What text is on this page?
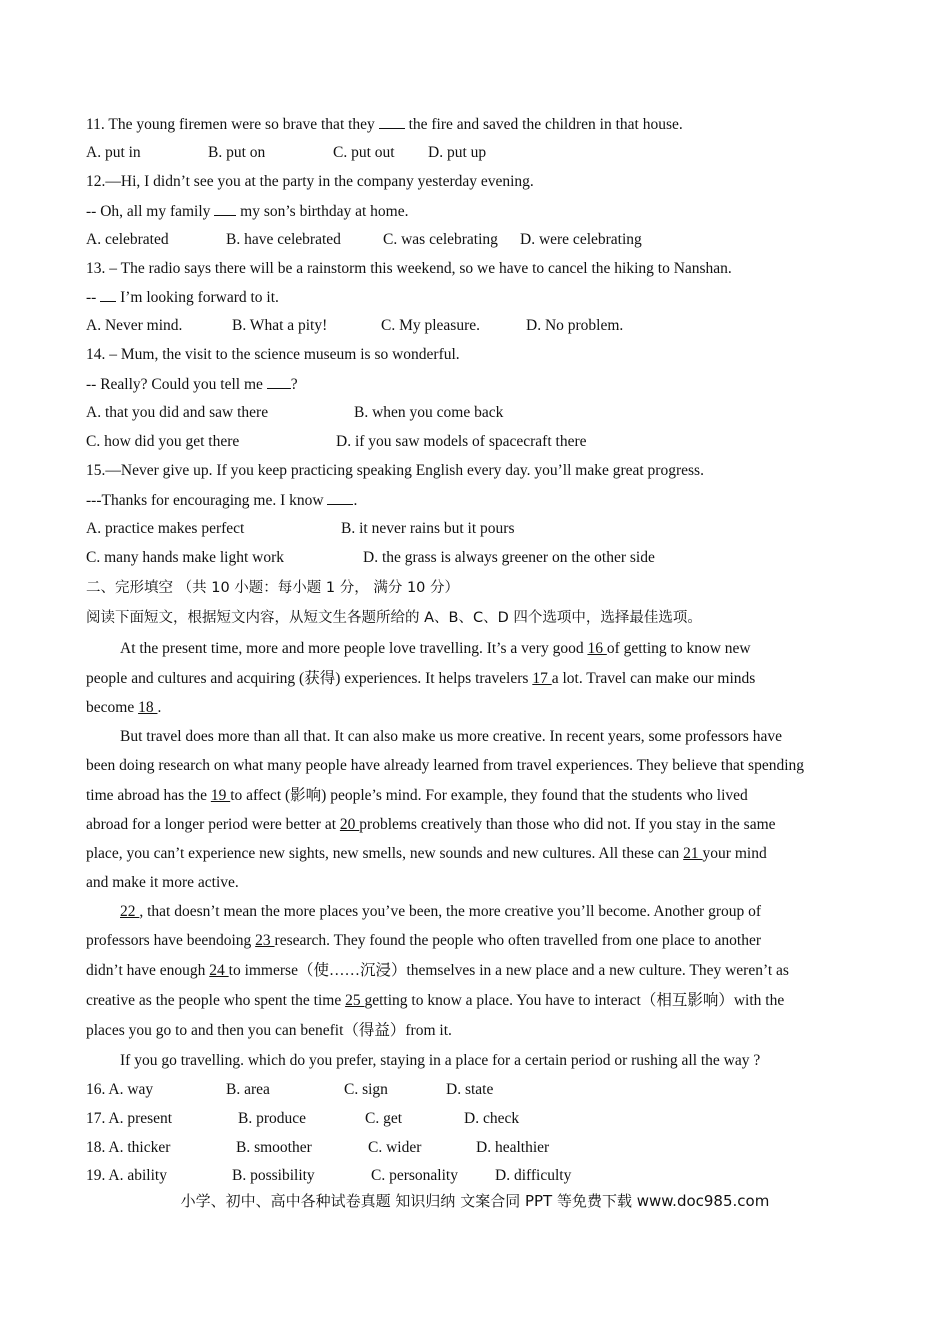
11. The young firemen were so brave that they  the fire and saved the children in that house.
A. put in	B. put on	C. put out D. put up
12.—Hi, I didn’t see you at the party in the company yesterday evening.
-- Oh, all my family  my son’s birthday at home.
A. celebrated	B. have celebrated	C. was celebrating D. were celebrating
13. – The radio says there will be a rainstorm this weekend, so we have to cancel the hiking to Nanshan.
--  I’m looking forward to it.
A. Never mind.	B. What a pity!	C. My pleasure.	D. No problem.
14. – Mum, the visit to the science museum is so wonderful.
-- Really? Could you tell me ?
A. that you did and saw there	B. when you come back
C. how did you get there	D. if you saw models of spacecraft there
15.—Never give up. If you keep practicing speaking English every day. you’ll make great progress.
---Thanks for encouraging me. I know .
A. practice makes perfect	B. it never rains but it pours
C. many hands make light work	D. the grass is always greener on the other side
二、完形填空 （共 10 小题：每小题 1 分， 满分 10 分）
阅读下面短文，根据短文内容，从短文生各题所给的 A、B、C、D 四个选项中，选择最佳选项。
At the present time, more and more people love travelling. It’s a very good 16 of getting to know new
people and cultures and acquiring (获得) experiences. It helps travelers 17 a lot. Travel can make our minds
become 18 .
But travel does more than all that. It can also make us more creative. In recent years, some professors have
been doing research on what many people have already learned from travel experiences. They believe that spending
time abroad has the 19 to affect (影响) people’s mind. For example, they found that the students who lived
abroad for a longer period were better at 20 problems creatively than those who did not. If you stay in the same
place, you can’t experience new sights, new smells, new sounds and new cultures. All these can 21 your mind
and make it more active.
22 , that doesn’t mean the more places you’ve been, the more creative you’ll become. Another group of
professors have beendoing 23 research. They found the people who often travelled from one place to another
didn’t have enough 24 to immerse（使……沉浸）themselves in a new place and a new culture. They weren’t as
creative as the people who spent the time 25 getting to know a place. You have to interact（相互影响）with the
places you go to and then you can benefit（得益）from it.
If you go travelling. which do you prefer, staying in a place for a certain period or rushing all the way ?
16. A. way	B. area	C. sign	D. state
17. A. present	B. produce	C. get	D. check
18. A. thicker	B. smoother	C. wider	D. healthier
19. A. ability	B. possibility	C. personality D. difficulty
小学、初中、高中各种试卷真题 知识归纳 文案合同 PPT 等免费下载 www.doc985.com
